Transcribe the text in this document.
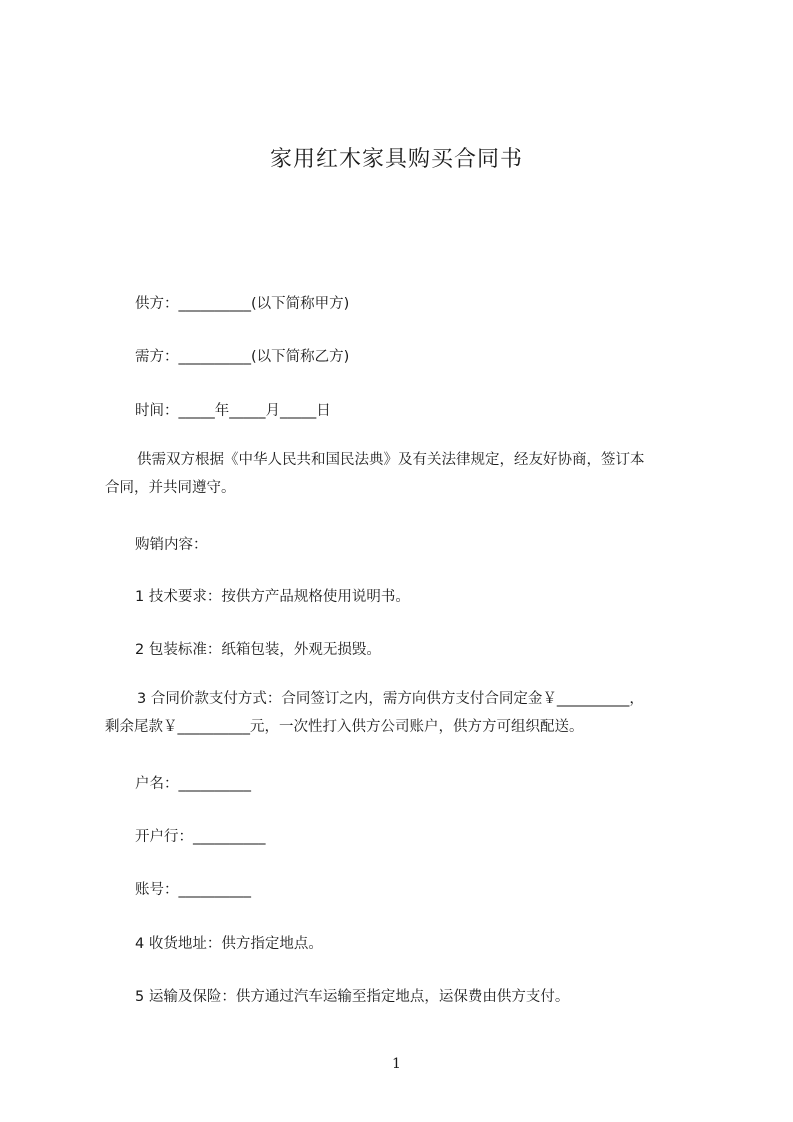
家用红木家具购买合同书
供方：__________(以下简称甲方)
需方：__________(以下简称乙方)
时间：_____年_____月_____日
供需双方根据《中华人民共和国民法典》及有关法律规定，经友好协商，签订本
合同，并共同遵守。
购销内容：
1 技术要求：按供方产品规格使用说明书。
2 包装标准：纸箱包装，外观无损毁。
3 合同价款支付方式：合同签订之内，需方向供方支付合同定金￥__________，
剩余尾款￥__________元，一次性打入供方公司账户，供方方可组织配送。
户名：__________
开户行：__________
账号：__________
4 收货地址：供方指定地点。
5 运输及保险：供方通过汽车运输至指定地点，运保费由供方支付。
1
